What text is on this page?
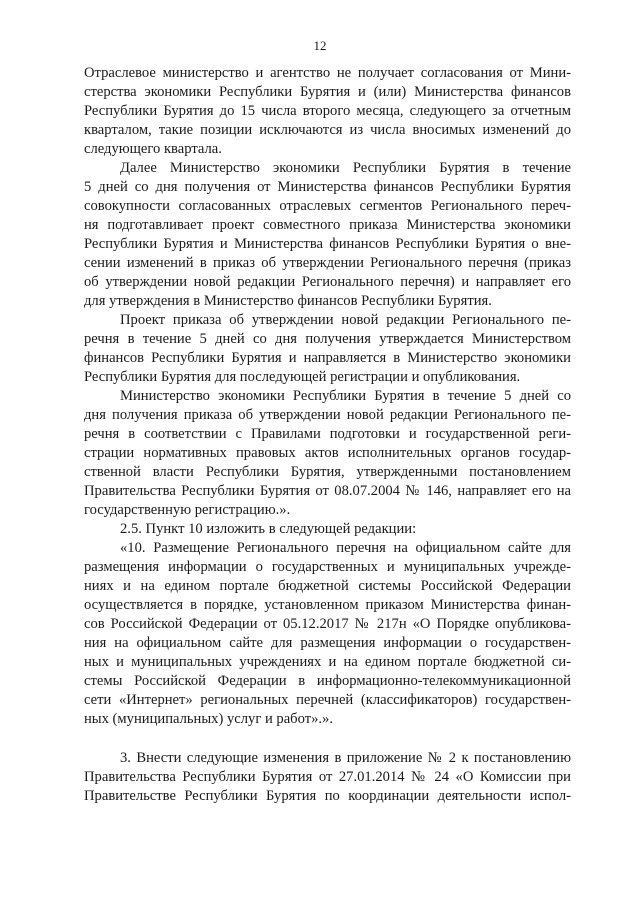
12
Отраслевое министерство и агентство не получает согласования от Мини-
стерства экономики Республики Бурятия и (или) Министерства финансов
Республики Бурятия до 15 числа второго месяца, следующего за отчетным
кварталом, такие позиции исключаются из числа вносимых изменений до
следующего квартала.
Далее Министерство экономики Республики Бурятия в течение
5 дней со дня получения от Министерства финансов Республики Бурятия
совокупности согласованных отраслевых сегментов Регионального переч-
ня подготавливает проект совместного приказа Министерства экономики
Республики Бурятия и Министерства финансов Республики Бурятия о вне-
сении изменений в приказ об утверждении Регионального перечня (приказ
об утверждении новой редакции Регионального перечня) и направляет его
для утверждения в Министерство финансов Республики Бурятия.
Проект приказа об утверждении новой редакции Регионального пе-
речня в течение 5 дней со дня получения утверждается Министерством
финансов Республики Бурятия и направляется в Министерство экономики
Республики Бурятия для последующей регистрации и опубликования.
Министерство экономики Республики Бурятия в течение 5 дней со
дня получения приказа об утверждении новой редакции Регионального пе-
речня в соответствии с Правилами подготовки и государственной реги-
страции нормативных правовых актов исполнительных органов государ-
ственной власти Республики Бурятия, утвержденными постановлением
Правительства Республики Бурятия от 08.07.2004 № 146, направляет его на
государственную регистрацию.».
2.5. Пункт 10 изложить в следующей редакции:
«10. Размещение Регионального перечня на официальном сайте для
размещения информации о государственных и муниципальных учрежде-
ниях и на едином портале бюджетной системы Российской Федерации
осуществляется в порядке, установленном приказом Министерства финан-
сов Российской Федерации от 05.12.2017 № 217н «О Порядке опубликова-
ния на официальном сайте для размещения информации о государствен-
ных и муниципальных учреждениях и на едином портале бюджетной си-
стемы Российской Федерации в информационно-телекоммуникационной
сети «Интернет» региональных перечней (классификаторов) государствен-
ных (муниципальных) услуг и работ».».
3. Внести следующие изменения в приложение № 2 к постановлению
Правительства Республики Бурятия от 27.01.2014 № 24 «О Комиссии при
Правительстве Республики Бурятия по координации деятельности испол-
